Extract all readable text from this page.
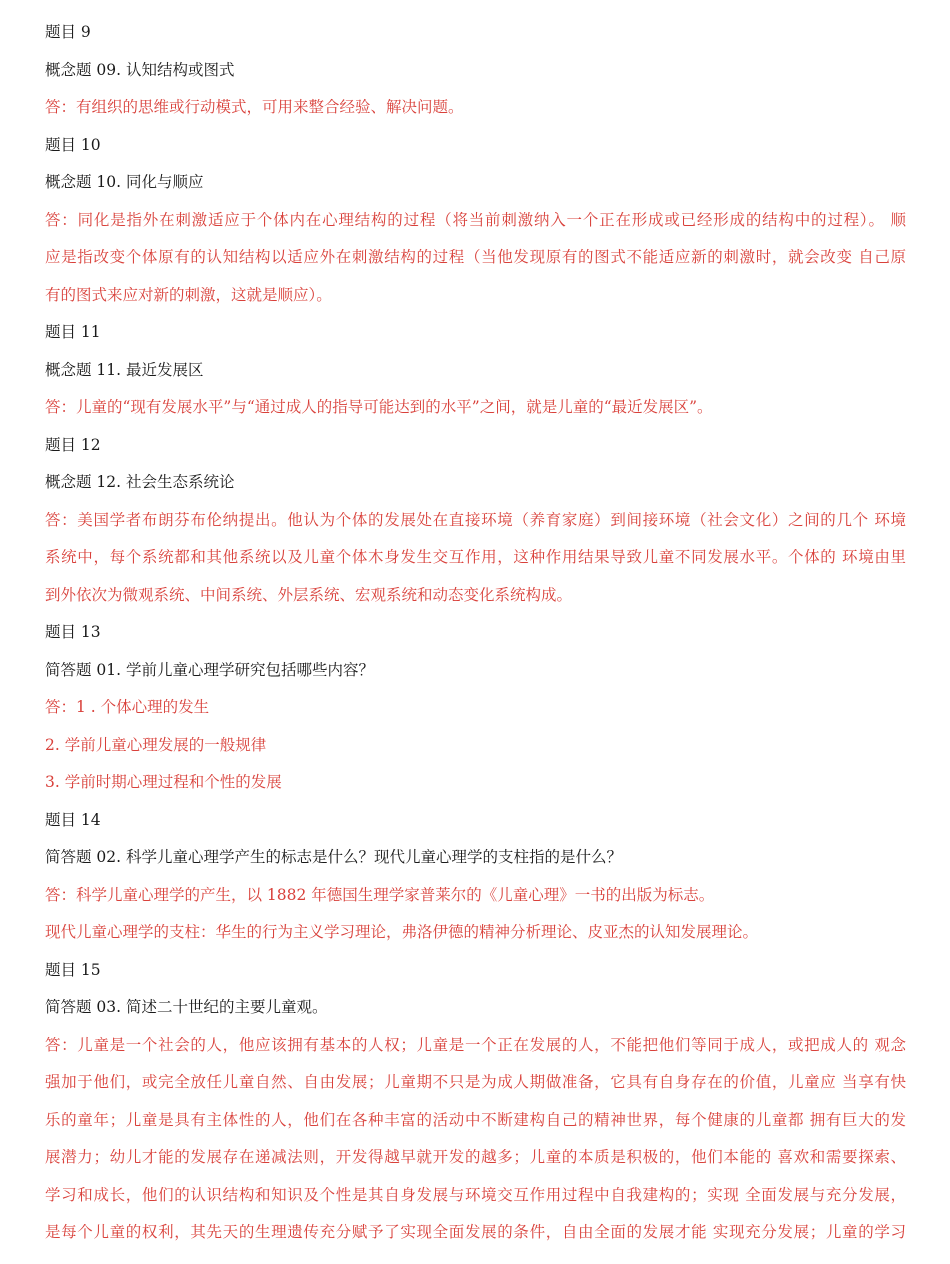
题目 9
概念题 09. 认知结构或图式
答：有组织的思维或行动模式，可用来整合经验、解决问题。
题目 10
概念题 10. 同化与顺应
答：同化是指外在刺激适应于个体内在心理结构的过程（将当前刺激纳入一个正在形成或已经形成的结构中的过程）。 顺
应是指改变个体原有的认知结构以适应外在刺激结构的过程（当他发现原有的图式不能适应新的刺激时，就会改变 自己原
有的图式来应对新的刺激，这就是顺应）。
题目 11
概念题 11. 最近发展区
答：儿童的“现有发展水平”与“通过成人的指导可能达到的水平”之间，就是儿童的“最近发展区”。
题目 12
概念题 12. 社会生态系统论
答：美国学者布朗芬布伦纳提出。他认为个体的发展处在直接环境（养育家庭）到间接环境（社会文化）之间的几个 环境
系统中，每个系统都和其他系统以及儿童个体木身发生交互作用，这种作用结果导致儿童不同发展水平。个体的 环境由里
到外依次为微观系统、中间系统、外层系统、宏观系统和动态变化系统构成。
题目 13
简答题 01. 学前儿童心理学研究包括哪些内容？
答：1 . 个体心理的发生
2. 学前儿童心理发展的一般规律
3. 学前时期心理过程和个性的发展
题目 14
简答题 02. 科学儿童心理学产生的标志是什么？现代儿童心理学的支柱指的是什么？
答：科学儿童心理学的产生，以 1882 年德国生理学家普莱尔的《儿童心理》一书的出版为标志。
现代儿童心理学的支柱：华生的行为主义学习理论，弗洛伊德的精神分析理论、皮亚杰的认知发展理论。
题目 15
简答题 03. 简述二十世纪的主要儿童观。
答：儿童是一个社会的人，他应该拥有基本的人权；儿童是一个正在发展的人，不能把他们等同于成人，或把成人的 观念
强加于他们，或完全放任儿童自然、自由发展；儿童期不只是为成人期做准备，它具有自身存在的价值，儿童应 当享有快
乐的童年；儿童是具有主体性的人，他们在各种丰富的活动中不断建构自己的精神世界，每个健康的儿童都 拥有巨大的发
展潜力；幼儿才能的发展存在递减法则，开发得越早就开发的越多；儿童的本质是积极的，他们本能的 喜欢和需要探索、
学习和成长，他们的认识结构和知识及个性是其自身发展与环境交互作用过程中自我建构的；实现 全面发展与充分发展，
是每个儿童的权利，其先天的生理遗传充分赋予了实现全面发展的条件，自由全面的发展才能 实现充分发展；儿童的学习
